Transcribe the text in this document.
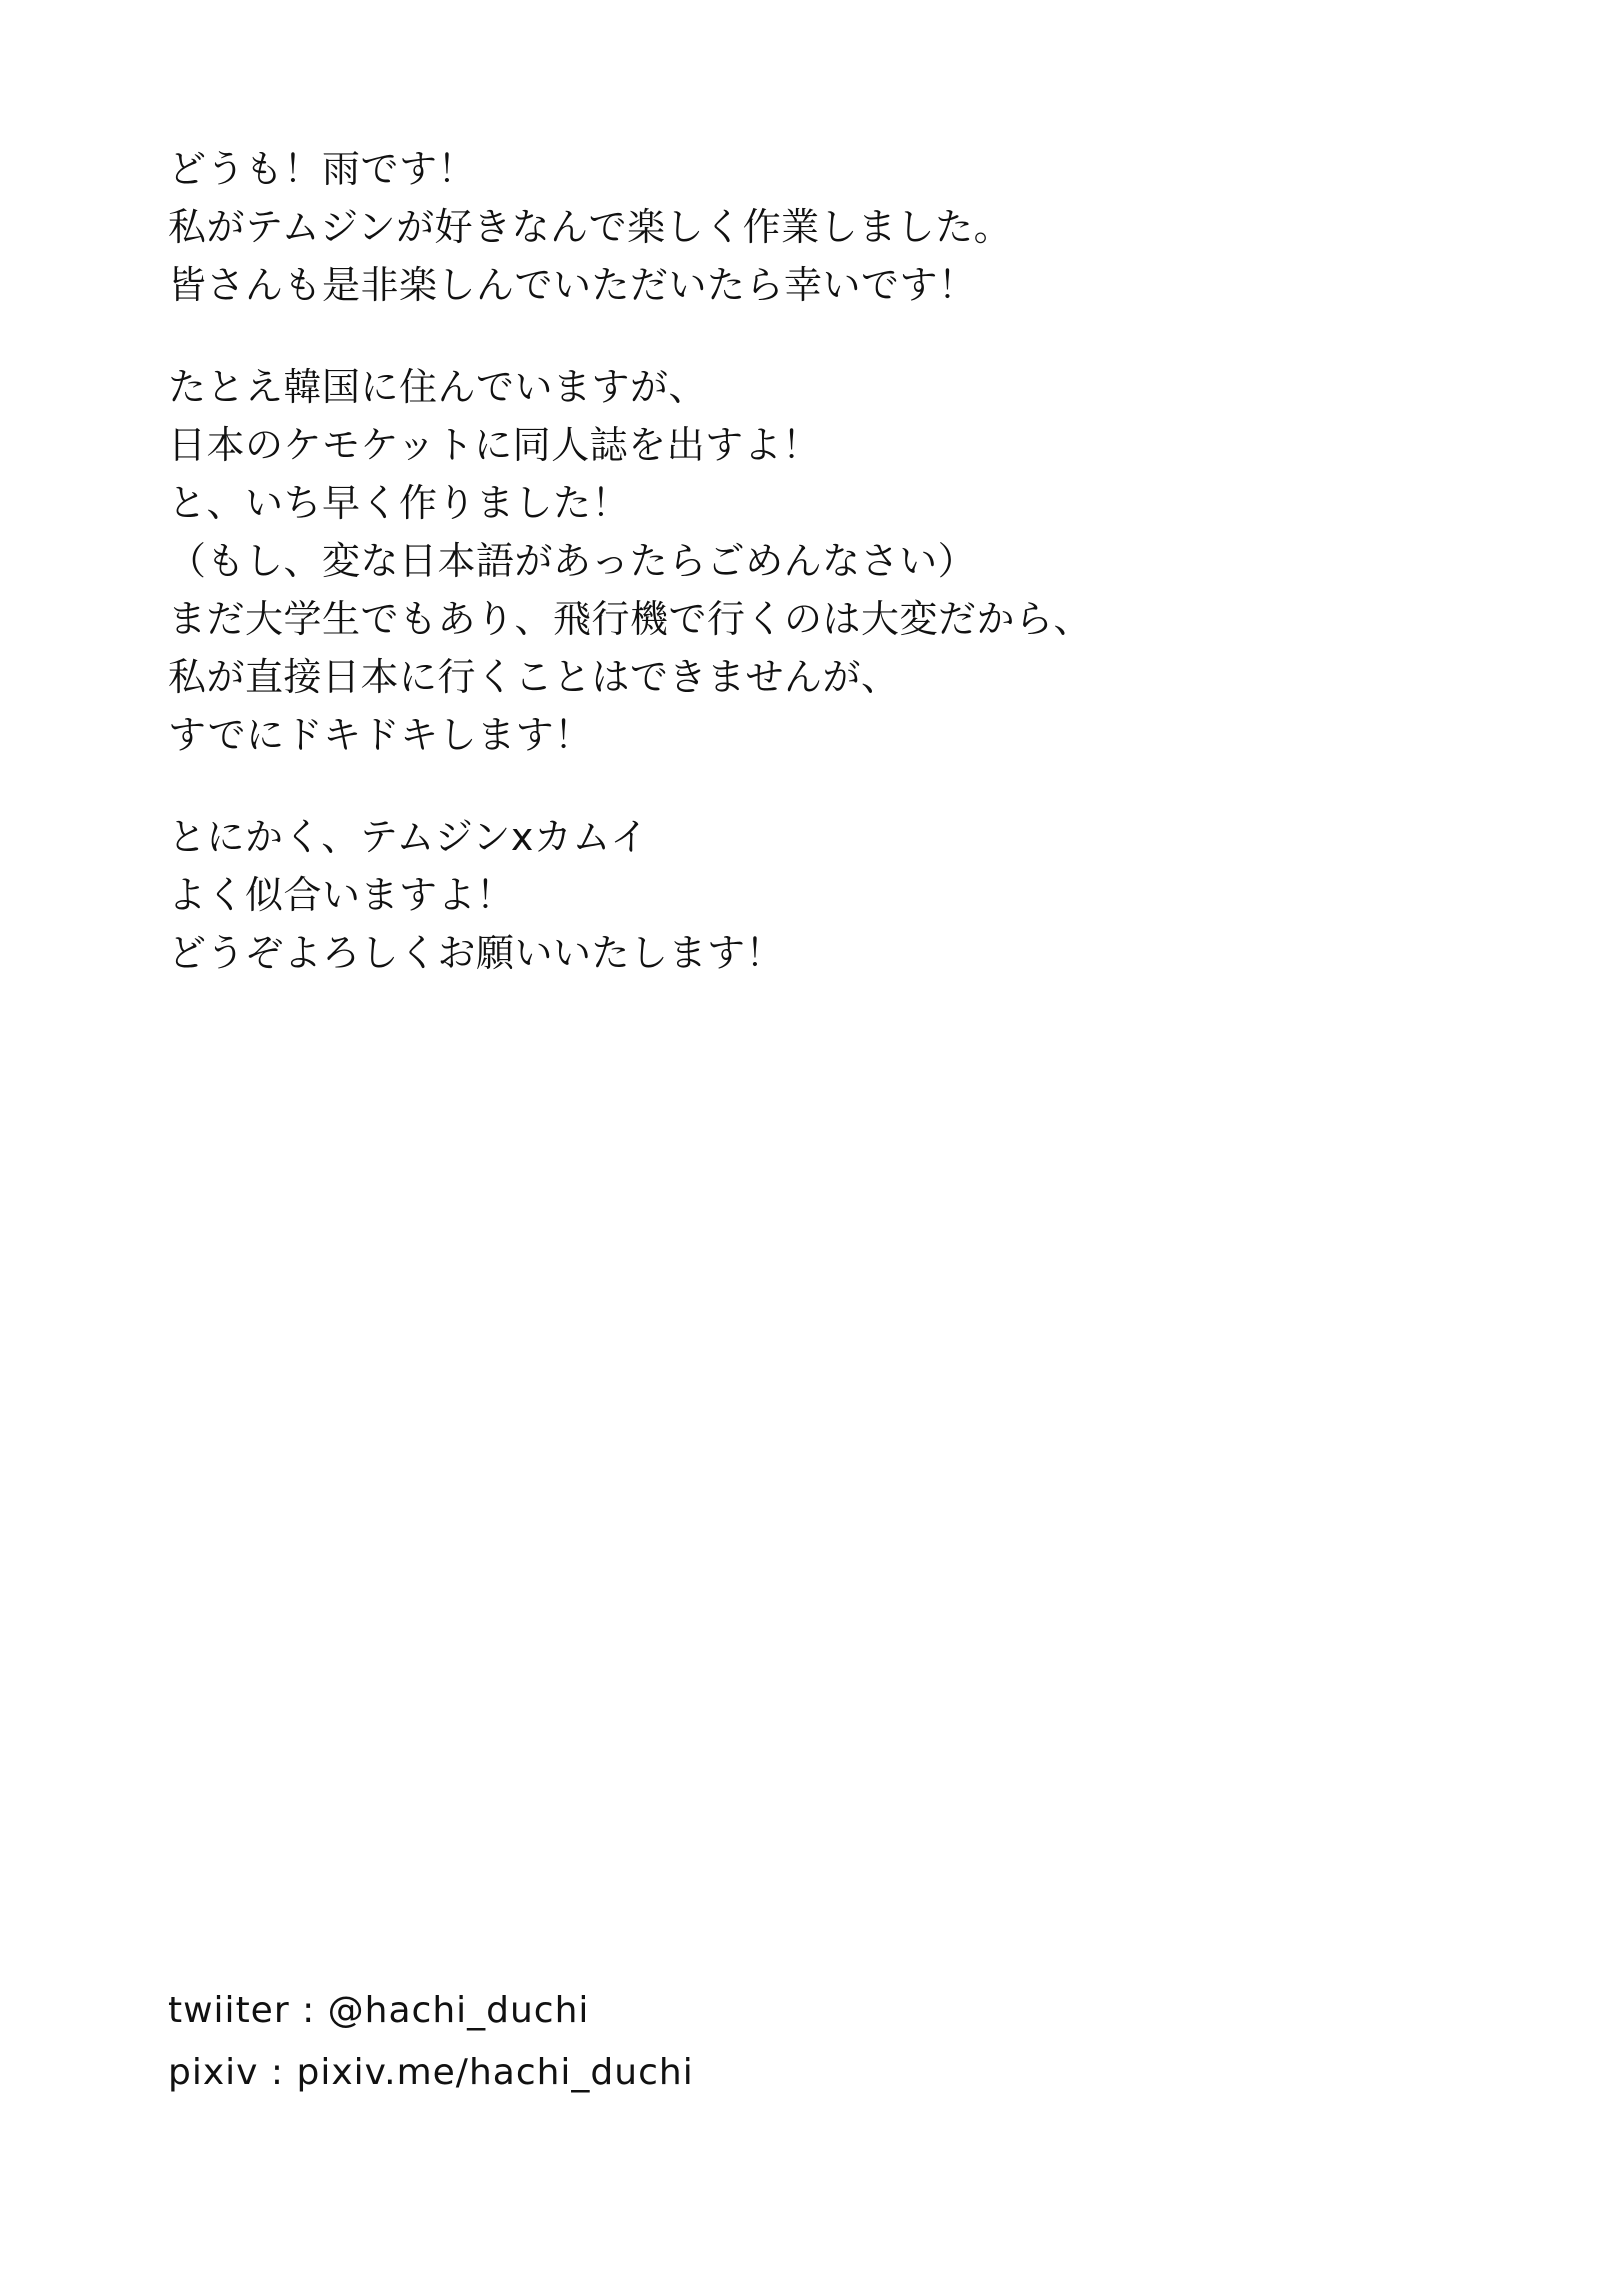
どうも！雨です！
私がテムジンが好きなんで楽しく作業しました。
皆さんも是非楽しんでいただいたら幸いです！
たとえ韓国に住んでいますが、
日本のケモケットに同人誌を出すよ！
と、いち早く作りました！
（もし、変な日本語があったらごめんなさい）
まだ大学生でもあり、飛行機で行くのは大変だから、
私が直接日本に行くことはできませんが、
すでにドキドキします！
とにかく、テムジンxカムイ
よく似合いますよ！
どうぞよろしくお願いいたします！
twiiter : @hachi_duchi
pixiv : pixiv.me/hachi_duchi
